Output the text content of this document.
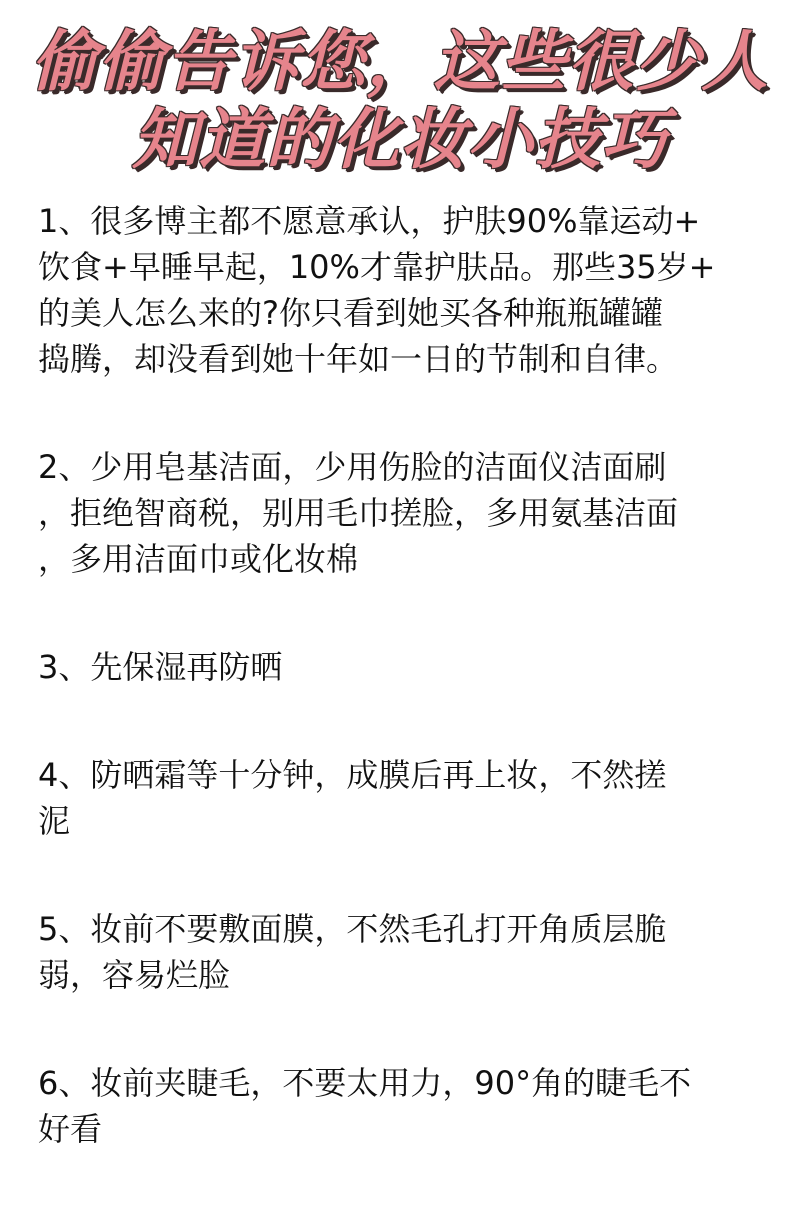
偷偷告诉您，这些很少人
知道的化妆小技巧
1、很多博主都不愿意承认，护肤90%靠运动+
饮食+早睡早起，10%才靠护肤品。那些35岁+
的美人怎么来的?你只看到她买各种瓶瓶罐罐
捣腾，却没看到她十年如一日的节制和自律。
2、少用皂基洁面，少用伤脸的洁面仪洁面刷
，拒绝智商税，别用毛巾搓脸，多用氨基洁面
，多用洁面巾或化妆棉
3、先保湿再防晒
4、防晒霜等十分钟，成膜后再上妆，不然搓
泥
5、妆前不要敷面膜，不然毛孔打开角质层脆
弱，容易烂脸
6、妆前夹睫毛，不要太用力，90°角的睫毛不
好看
